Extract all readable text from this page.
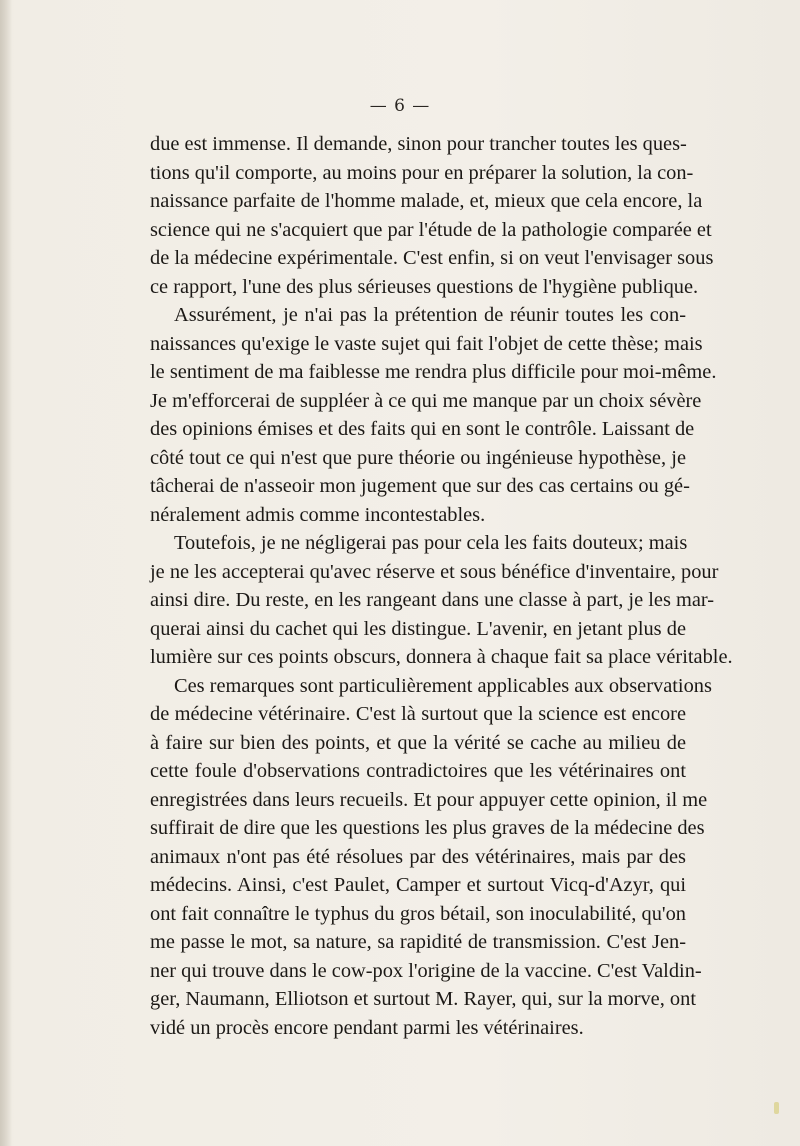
— 6 —

due est immense. Il demande, sinon pour trancher toutes les ques-
tions qu'il comporte, au moins pour en préparer la solution, la con-
naissance parfaite de l'homme malade, et, mieux que cela encore, la
science qui ne s'acquiert que par l'étude de la pathologie comparée et
de la médecine expérimentale. C'est enfin, si on veut l'envisager sous
ce rapport, l'une des plus sérieuses questions de l'hygiène publique.

Assurément, je n'ai pas la prétention de réunir toutes les con-
naissances qu'exige le vaste sujet qui fait l'objet de cette thèse; mais
le sentiment de ma faiblesse me rendra plus difficile pour moi-même.
Je m'efforcerai de suppléer à ce qui me manque par un choix sévère
des opinions émises et des faits qui en sont le contrôle. Laissant de
côté tout ce qui n'est que pure théorie ou ingénieuse hypothèse, je
tâcherai de n'asseoir mon jugement que sur des cas certains ou gé-
néralement admis comme incontestables.

Toutefois, je ne négligerai pas pour cela les faits douteux; mais
je ne les accepterai qu'avec réserve et sous bénéfice d'inventaire, pour
ainsi dire. Du reste, en les rangeant dans une classe à part, je les mar-
querai ainsi du cachet qui les distingue. L'avenir, en jetant plus de
lumière sur ces points obscurs, donnera à chaque fait sa place véritable.

Ces remarques sont particulièrement applicables aux observations
de médecine vétérinaire. C'est là surtout que la science est encore
à faire sur bien des points, et que la vérité se cache au milieu de
cette foule d'observations contradictoires que les vétérinaires ont
enregistrées dans leurs recueils. Et pour appuyer cette opinion, il me
suffirait de dire que les questions les plus graves de la médecine des
animaux n'ont pas été résolues par des vétérinaires, mais par des
médecins. Ainsi, c'est Paulet, Camper et surtout Vicq-d'Azyr, qui
ont fait connaître le typhus du gros bétail, son inoculabilité, qu'on
me passe le mot, sa nature, sa rapidité de transmission. C'est Jen-
ner qui trouve dans le cow-pox l'origine de la vaccine. C'est Valdin-
ger, Naumann, Elliotson et surtout M. Rayer, qui, sur la morve, ont
vidé un procès encore pendant parmi les vétérinaires.
